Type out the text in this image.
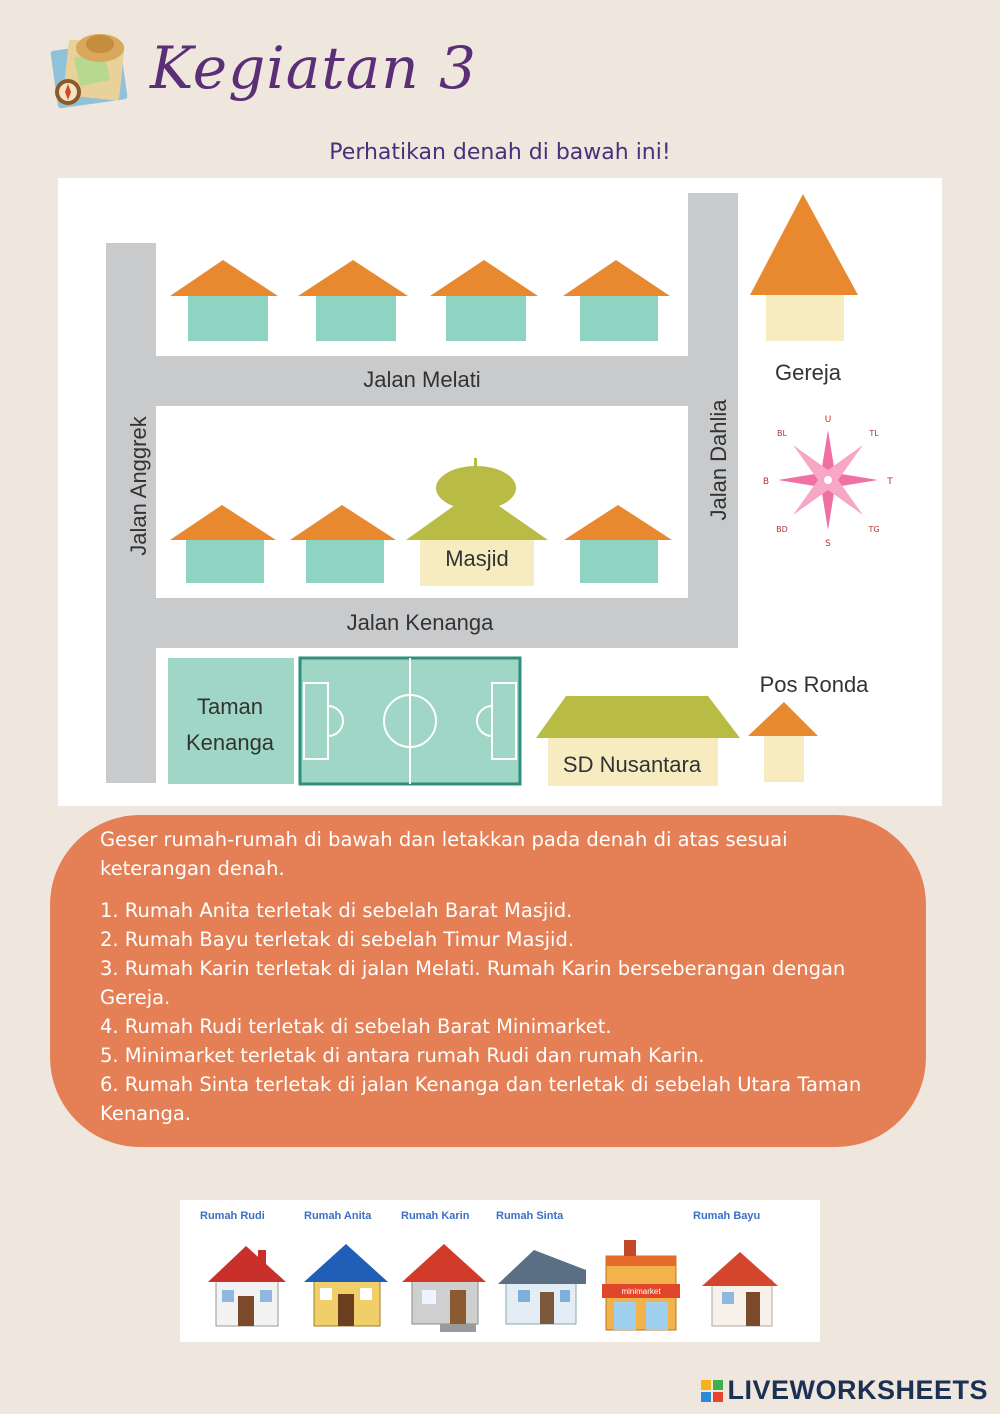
Kegiatan 3
Perhatikan denah di bawah ini!
Gereja
U
S
B	T
TL
BL
TG
BD
Masjid
Jalan Melati
Jalan Kenanga
Jalan Anggrek	Jalan Dahlia
Taman
Kenanga
SD Nusantara
Pos Ronda

Geser rumah-rumah di bawah dan letakkan pada denah di atas sesuai keterangan denah.

1. Rumah Anita terletak di sebelah Barat Masjid.

2. Rumah Bayu terletak di sebelah Timur Masjid.

3. Rumah Karin terletak di jalan Melati. Rumah Karin berseberangan dengan Gereja.

4. Rumah Rudi terletak di sebelah Barat Minimarket.

5. Minimarket terletak di antara rumah Rudi dan rumah Karin.

6. Rumah Sinta terletak di jalan Kenanga dan terletak di sebelah Utara Taman Kenanga.

Rumah Rudi	Rumah Anita	Rumah Karin Rumah Sinta	Rumah Bayu
minimarket
LIVEWORKSHEETS
